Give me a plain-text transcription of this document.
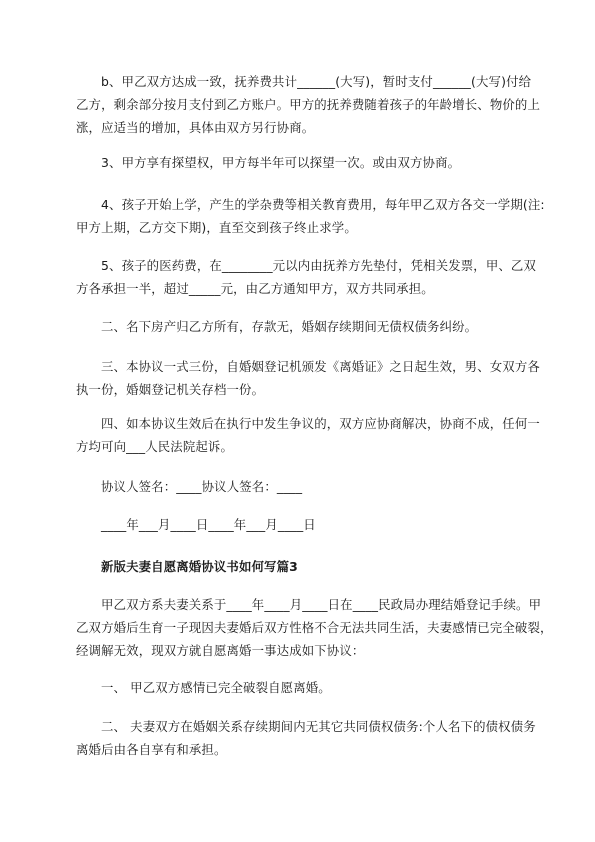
b、甲乙双方达成一致，抚养费共计______(大写)，暂时支付______(大写)付给
乙方，剩余部分按月支付到乙方账户。甲方的抚养费随着孩子的年龄增长、物价的上
涨，应适当的增加，具体由双方另行协商。
3、甲方享有探望权，甲方每半年可以探望一次。或由双方协商。
4、孩子开始上学，产生的学杂费等相关教育费用，每年甲乙双方各交一学期(注:
甲方上期，乙方交下期)，直至交到孩子终止求学。
5、孩子的医药费，在________元以内由抚养方先垫付，凭相关发票，甲、乙双
方各承担一半，超过_____元，由乙方通知甲方，双方共同承担。
二、名下房产归乙方所有，存款无，婚姻存续期间无债权债务纠纷。
三、本协议一式三份，自婚姻登记机颁发《离婚证》之日起生效，男、女双方各
执一份，婚姻登记机关存档一份。
四、如本协议生效后在执行中发生争议的，双方应协商解决，协商不成，任何一
方均可向___人民法院起诉。
协议人签名：____协议人签名：____
____年___月____日____年___月____日
新版夫妻自愿离婚协议书如何写篇3
甲乙双方系夫妻关系于____年____月____日在____民政局办理结婚登记手续。甲
乙双方婚后生育一子现因夫妻婚后双方性格不合无法共同生活，夫妻感情已完全破裂，
经调解无效，现双方就自愿离婚一事达成如下协议：
一、 甲乙双方感情已完全破裂自愿离婚。
二、 夫妻双方在婚姻关系存续期间内无其它共同债权债务:个人名下的债权债务
离婚后由各自享有和承担。
